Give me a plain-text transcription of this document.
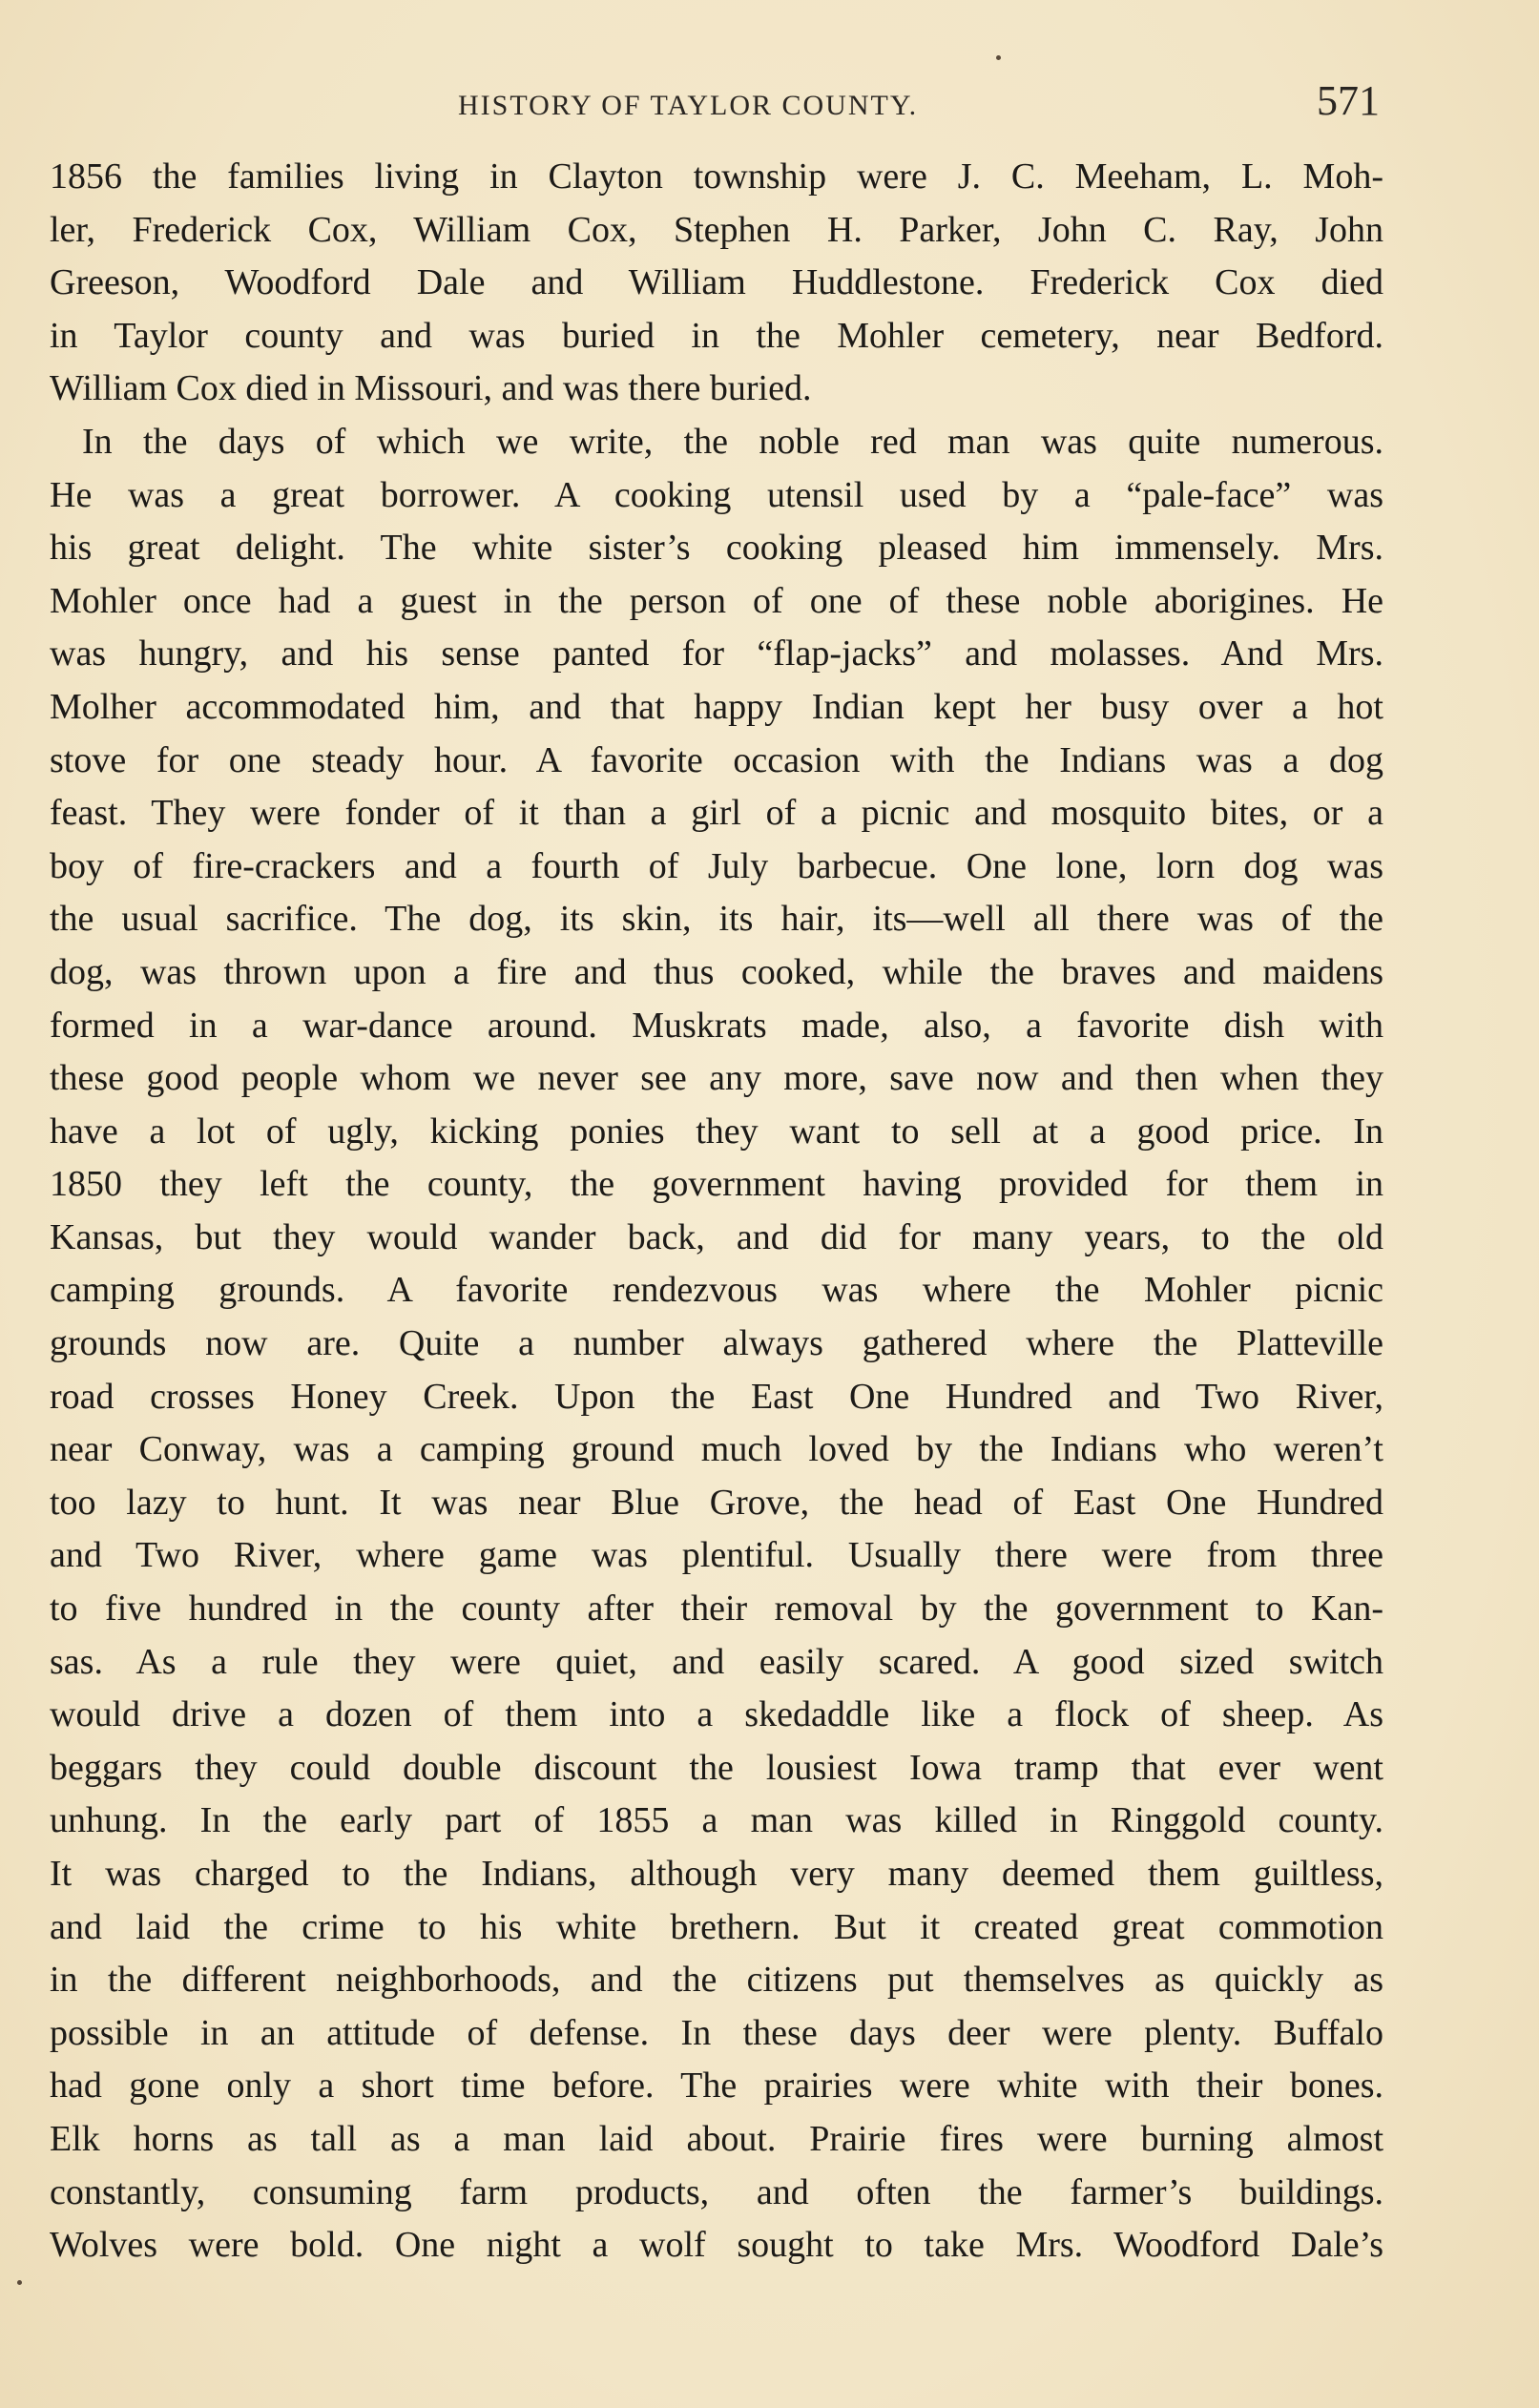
HISTORY OF TAYLOR COUNTY.	571
1856 the families living in Clayton township were J. C. Meeham, L. Moh-
ler, Frederick Cox, William Cox, Stephen H. Parker, John C. Ray, John
Greeson, Woodford Dale and William Huddlestone. Frederick Cox died
in Taylor county and was buried in the Mohler cemetery, near Bedford.
William Cox died in Missouri, and was there buried.
In the days of which we write, the noble red man was quite numerous.
He was a great borrower. A cooking utensil used by a “pale-face” was
his great delight. The white sister’s cooking pleased him immensely. Mrs.
Mohler once had a guest in the person of one of these noble aborigines. He
was hungry, and his sense panted for “flap-jacks” and molasses. And Mrs.
Molher accommodated him, and that happy Indian kept her busy over a hot
stove for one steady hour. A favorite occasion with the Indians was a dog
feast. They were fonder of it than a girl of a picnic and mosquito bites, or a
boy of fire-crackers and a fourth of July barbecue. One lone, lorn dog was
the usual sacrifice. The dog, its skin, its hair, its—well all there was of the
dog, was thrown upon a fire and thus cooked, while the braves and maidens
formed in a war-dance around. Muskrats made, also, a favorite dish with
these good people whom we never see any more, save now and then when they
have a lot of ugly, kicking ponies they want to sell at a good price. In
1850 they left the county, the government having provided for them in
Kansas, but they would wander back, and did for many years, to the old
camping grounds. A favorite rendezvous was where the Mohler picnic
grounds now are. Quite a number always gathered where the Platteville
road crosses Honey Creek. Upon the East One Hundred and Two River,
near Conway, was a camping ground much loved by the Indians who weren’t
too lazy to hunt. It was near Blue Grove, the head of East One Hundred
and Two River, where game was plentiful. Usually there were from three
to five hundred in the county after their removal by the government to Kan-
sas. As a rule they were quiet, and easily scared. A good sized switch
would drive a dozen of them into a skedaddle like a flock of sheep. As
beggars they could double discount the lousiest Iowa tramp that ever went
unhung. In the early part of 1855 a man was killed in Ringgold county.
It was charged to the Indians, although very many deemed them guiltless,
and laid the crime to his white brethern. But it created great commotion
in the different neighborhoods, and the citizens put themselves as quickly as
possible in an attitude of defense. In these days deer were plenty. Buffalo
had gone only a short time before. The prairies were white with their bones.
Elk horns as tall as a man laid about. Prairie fires were burning almost
constantly, consuming farm products, and often the farmer’s buildings.
Wolves were bold. One night a wolf sought to take Mrs. Woodford Dale’s
